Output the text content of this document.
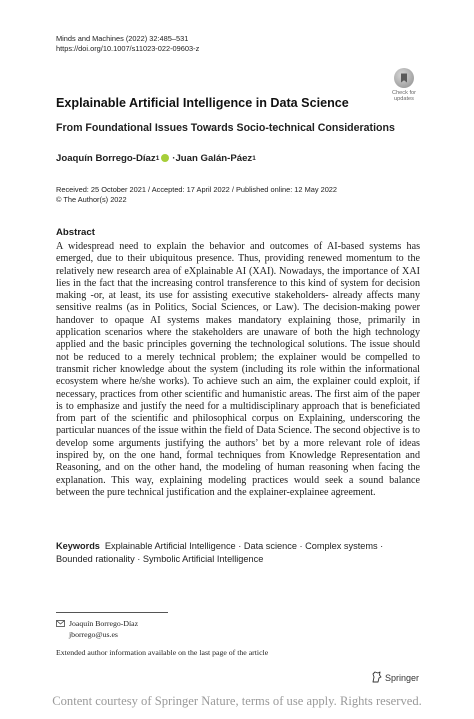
Minds and Machines (2022) 32:485–531
https://doi.org/10.1007/s11023-022-09603-z
Check for
updates
Explainable Artificial Intelligence in Data Science
From Foundational Issues Towards Socio-technical Considerations
Joaquín Borrego-Díaz 1 · Juan Galán-Páez 1
Received: 25 October 2021 / Accepted: 17 April 2022 / Published online: 12 May 2022
© The Author(s) 2022
Abstract
A widespread need to explain the behavior and outcomes of AI-based systems has emerged, due to their ubiquitous presence. Thus, providing renewed momentum to the relatively new research area of eXplainable AI (XAI). Nowadays, the importance of XAI lies in the fact that the increasing control transference to this kind of system for decision making -or, at least, its use for assisting executive stakeholders- already affects many sensitive realms (as in Politics, Social Sciences, or Law). The decision-making power handover to opaque AI systems makes mandatory explaining those, primarily in application scenarios where the stakeholders are unaware of both the high technology applied and the basic principles governing the technological solutions. The issue should not be reduced to a merely technical problem; the explainer would be compelled to transmit richer knowledge about the system (including its role within the informational ecosystem where he/she works). To achieve such an aim, the explainer could exploit, if necessary, practices from other scientific and humanistic areas. The first aim of the paper is to emphasize and justify the need for a multidisciplinary approach that is beneficiated from part of the scientific and philosophical corpus on Explaining, underscoring the particular nuances of the issue within the field of Data Science. The second objective is to develop some arguments justifying the authors’ bet by a more relevant role of ideas inspired by, on the one hand, formal techniques from Knowledge Representation and Reasoning, and on the other hand, the modeling of human reasoning when facing the explanation. This way, explaining modeling practices would seek a sound balance between the pure technical justification and the explainer-explainee agreement.
Keywords Explainable Artificial Intelligence · Data science · Complex systems · Bounded rationality · Symbolic Artificial Intelligence
Joaquín Borrego-Díaz
jborrego@us.es
Extended author information available on the last page of the article
Springer
Content courtesy of Springer Nature, terms of use apply. Rights reserved.
